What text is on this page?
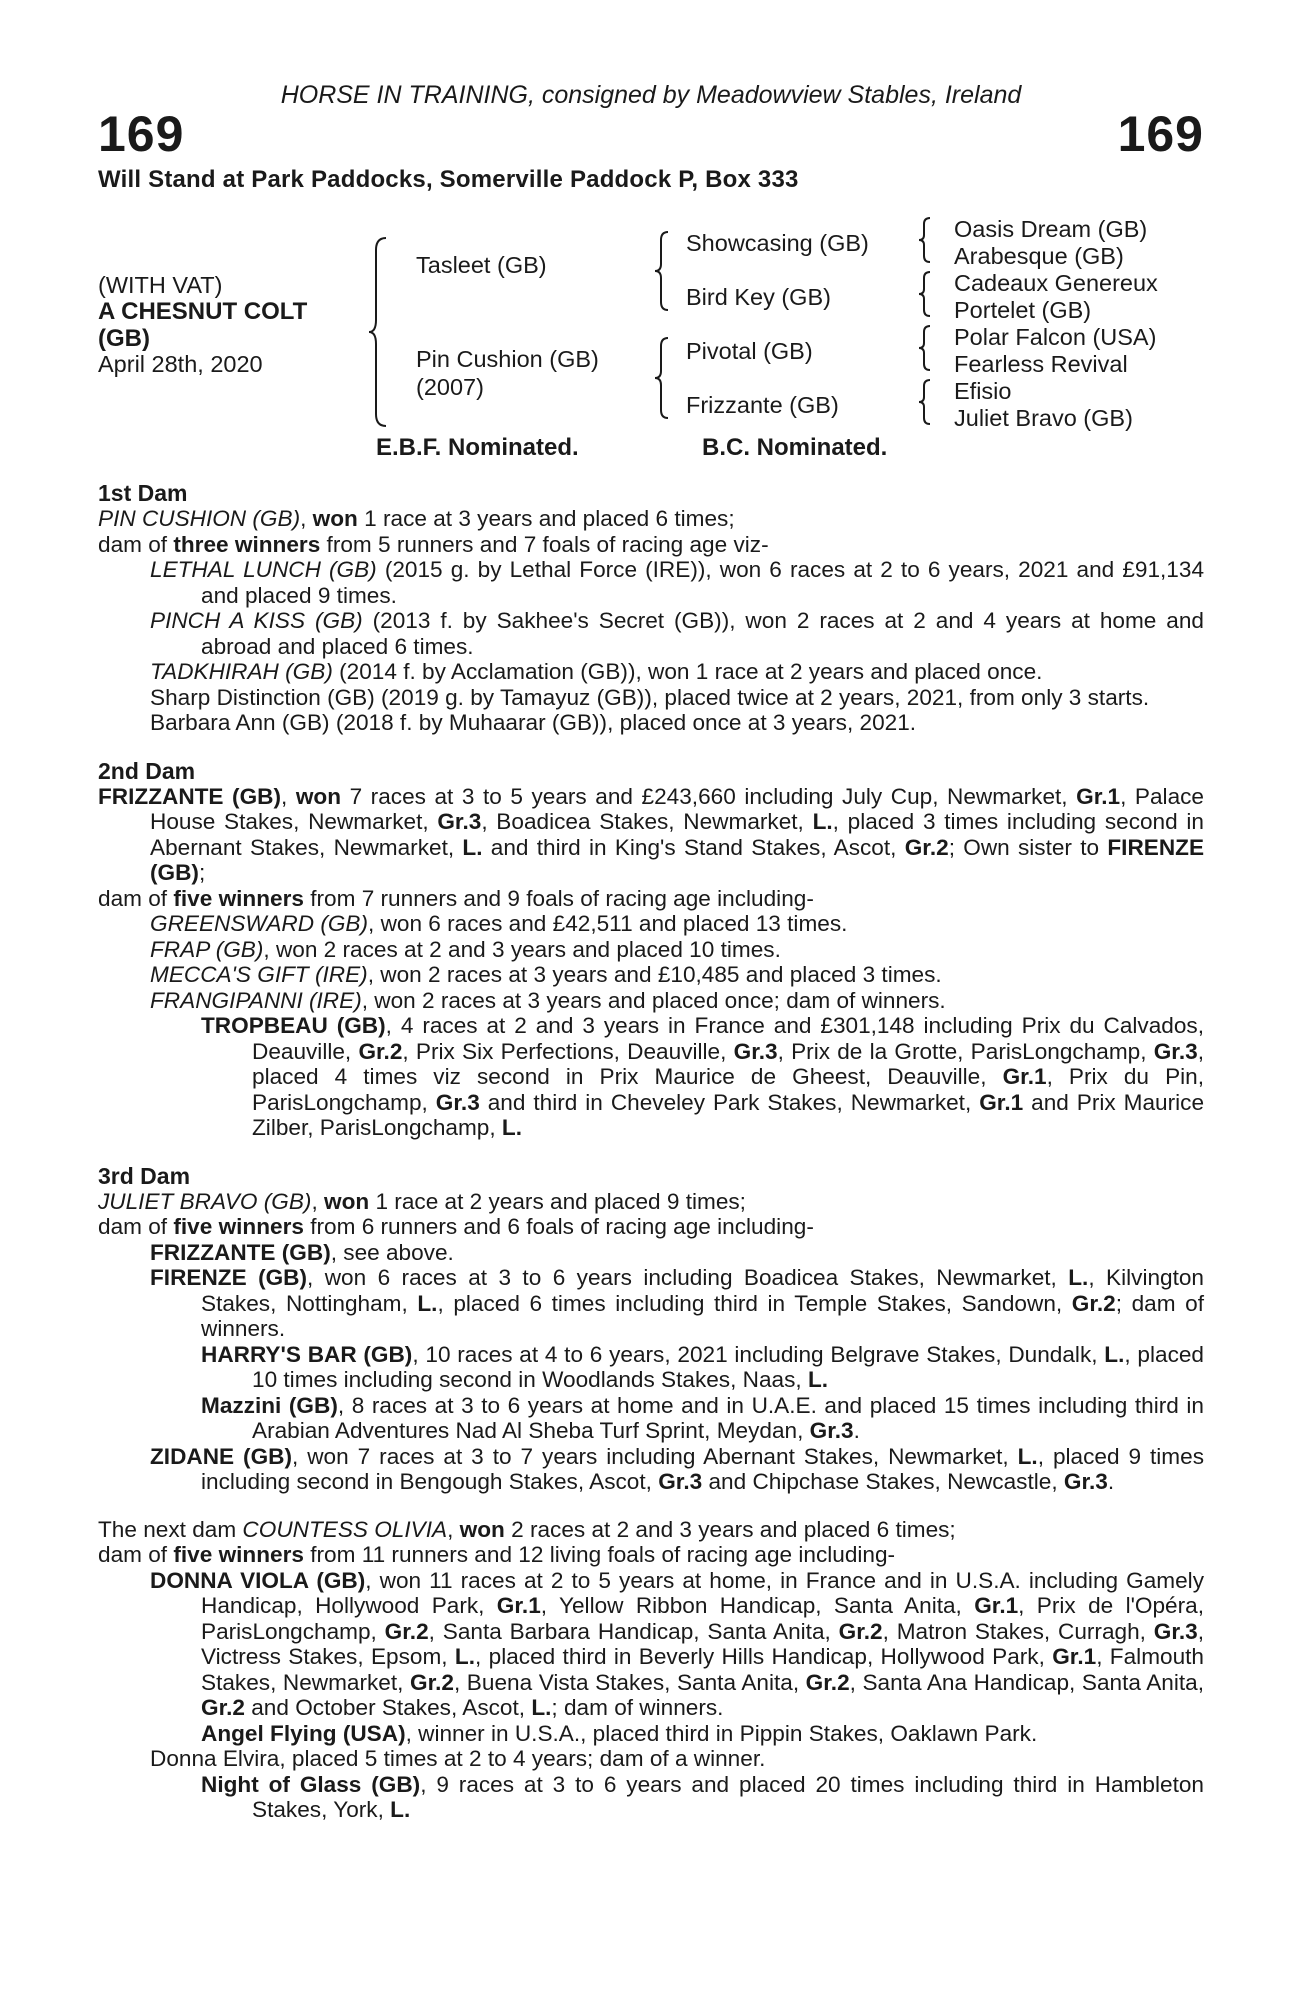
HORSE IN TRAINING, consigned by Meadowview Stables, Ireland

169	169
Will Stand at Park Paddocks, Somerville Paddock P, Box 333
(WITH VAT)
A CHESNUT COLT
(GB)
April 28th, 2020
Tasleet (GB)
Pin Cushion (GB)
(2007)
Showcasing (GB)
Bird Key (GB)
Pivotal (GB)
Frizzante (GB)
Oasis Dream (GB)
Arabesque (GB)
Cadeaux Genereux
Portelet (GB)
Polar Falcon (USA)
Fearless Revival
Efisio
Juliet Bravo (GB)
E.B.F. Nominated.	B.C. Nominated.
1st Dam

PIN CUSHION (GB), won 1 race at 3 years and placed 6 times;

dam of three winners from 5 runners and 7 foals of racing age viz-

LETHAL LUNCH (GB) (2015 g. by Lethal Force (IRE)), won 6 races at 2 to 6 years, 2021 and £91,134 and placed 9 times.

PINCH A KISS (GB) (2013 f. by Sakhee's Secret (GB)), won 2 races at 2 and 4 years at home and abroad and placed 6 times.

TADKHIRAH (GB) (2014 f. by Acclamation (GB)), won 1 race at 2 years and placed once.

Sharp Distinction (GB) (2019 g. by Tamayuz (GB)), placed twice at 2 years, 2021, from only 3 starts.

Barbara Ann (GB) (2018 f. by Muhaarar (GB)), placed once at 3 years, 2021.

2nd Dam

FRIZZANTE (GB), won 7 races at 3 to 5 years and £243,660 including July Cup, Newmarket, Gr.1, Palace House Stakes, Newmarket, Gr.3, Boadicea Stakes, Newmarket, L., placed 3 times including second in Abernant Stakes, Newmarket, L. and third in King's Stand Stakes, Ascot, Gr.2; Own sister to FIRENZE (GB);

dam of five winners from 7 runners and 9 foals of racing age including-

GREENSWARD (GB), won 6 races and £42,511 and placed 13 times.

FRAP (GB), won 2 races at 2 and 3 years and placed 10 times.

MECCA'S GIFT (IRE), won 2 races at 3 years and £10,485 and placed 3 times.

FRANGIPANNI (IRE), won 2 races at 3 years and placed once; dam of winners.

TROPBEAU (GB), 4 races at 2 and 3 years in France and £301,148 including Prix du Calvados, Deauville, Gr.2, Prix Six Perfections, Deauville, Gr.3, Prix de la Grotte, ParisLongchamp, Gr.3, placed 4 times viz second in Prix Maurice de Gheest, Deauville, Gr.1, Prix du Pin, ParisLongchamp, Gr.3 and third in Cheveley Park Stakes, Newmarket, Gr.1 and Prix Maurice Zilber, ParisLongchamp, L.

3rd Dam

JULIET BRAVO (GB), won 1 race at 2 years and placed 9 times;

dam of five winners from 6 runners and 6 foals of racing age including-

FRIZZANTE (GB), see above.

FIRENZE (GB), won 6 races at 3 to 6 years including Boadicea Stakes, Newmarket, L., Kilvington Stakes, Nottingham, L., placed 6 times including third in Temple Stakes, Sandown, Gr.2; dam of winners.

HARRY'S BAR (GB), 10 races at 4 to 6 years, 2021 including Belgrave Stakes, Dundalk, L., placed 10 times including second in Woodlands Stakes, Naas, L.

Mazzini (GB), 8 races at 3 to 6 years at home and in U.A.E. and placed 15 times including third in Arabian Adventures Nad Al Sheba Turf Sprint, Meydan, Gr.3.

ZIDANE (GB), won 7 races at 3 to 7 years including Abernant Stakes, Newmarket, L., placed 9 times including second in Bengough Stakes, Ascot, Gr.3 and Chipchase Stakes, Newcastle, Gr.3.

The next dam COUNTESS OLIVIA, won 2 races at 2 and 3 years and placed 6 times;

dam of five winners from 11 runners and 12 living foals of racing age including-

DONNA VIOLA (GB), won 11 races at 2 to 5 years at home, in France and in U.S.A. including Gamely Handicap, Hollywood Park, Gr.1, Yellow Ribbon Handicap, Santa Anita, Gr.1, Prix de l'Opéra, ParisLongchamp, Gr.2, Santa Barbara Handicap, Santa Anita, Gr.2, Matron Stakes, Curragh, Gr.3, Victress Stakes, Epsom, L., placed third in Beverly Hills Handicap, Hollywood Park, Gr.1, Falmouth Stakes, Newmarket, Gr.2, Buena Vista Stakes, Santa Anita, Gr.2, Santa Ana Handicap, Santa Anita, Gr.2 and October Stakes, Ascot, L.; dam of winners.

Angel Flying (USA), winner in U.S.A., placed third in Pippin Stakes, Oaklawn Park.

Donna Elvira, placed 5 times at 2 to 4 years; dam of a winner.

Night of Glass (GB), 9 races at 3 to 6 years and placed 20 times including third in Hambleton Stakes, York, L.
